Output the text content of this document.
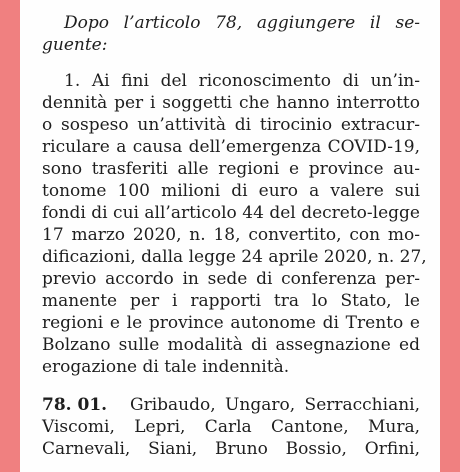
Dopo l’articolo 78, aggiungere il se-
guente:
1. Ai fini del riconoscimento di un’in-
dennità per i soggetti che hanno interrotto
o sospeso un’attività di tirocinio extracur-
riculare a causa dell’emergenza COVID-19,
sono trasferiti alle regioni e province au-
tonome 100 milioni di euro a valere sui
fondi di cui all’articolo 44 del decreto-legge
17 marzo 2020, n. 18, convertito, con mo-
dificazioni, dalla legge 24 aprile 2020, n. 27,
previo accordo in sede di conferenza per-
manente per i rapporti tra lo Stato, le
regioni e le province autonome di Trento e
Bolzano sulle modalità di assegnazione ed
erogazione di tale indennità.
78. 01. Gribaudo, Ungaro, Serracchiani,
Viscomi, Lepri, Carla Cantone, Mura,
Carnevali, Siani, Bruno Bossio, Orfini,
